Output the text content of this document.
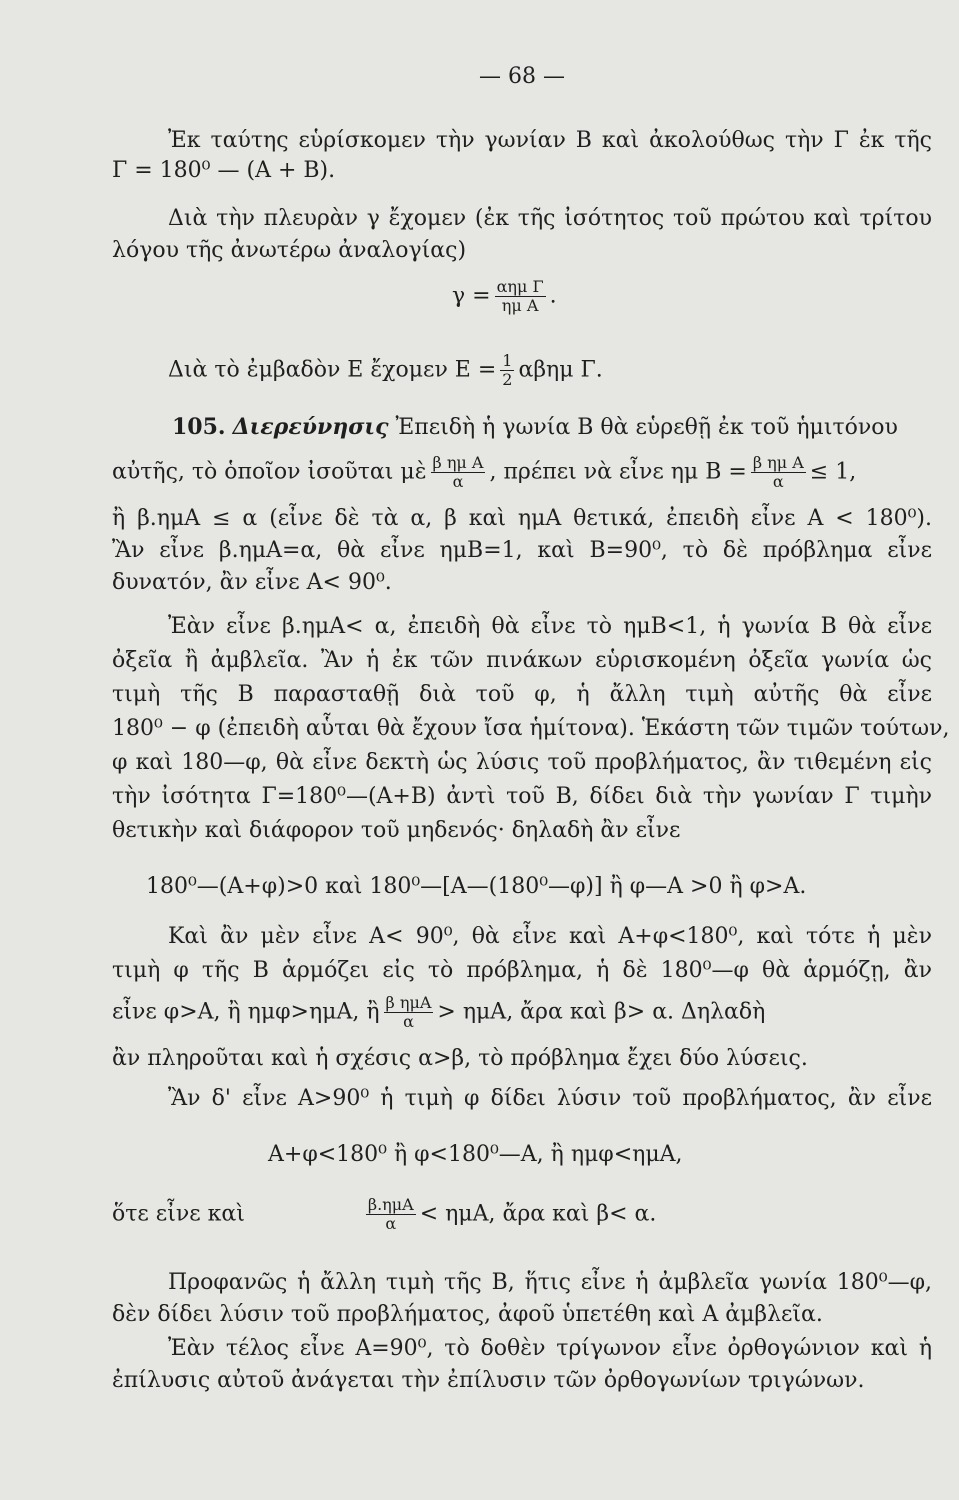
— 68 —
Ἐκ ταύτης εὑρίσκομεν τὴν γωνίαν Β καὶ ἀκολούθως τὴν Γ ἐκ τῆς
Γ = 180⁰ — (Α + Β).
Διὰ τὴν πλευρὰν γ ἔχομεν (ἐκ τῆς ἰσότητος τοῦ πρώτου καὶ τρίτου
λόγου τῆς ἀνωτέρω ἀναλογίας)
$\gamma = \frac{\text{αημ Γ}}{\text{ημ Α}}$ .
Διὰ τὸ ἐμβαδὸν Ε ἔχομεν $E = \frac{1}{2}$ αβημ Γ.
105. Διερεύνησις Ἐπειδὴ ἡ γωνία Β θὰ εὑρεθῇ ἐκ τοῦ ἡμιτόνου
αὐτῆς, τὸ ὁποῖον ἰσοῦται μὲ $\frac{\text{β ημ Α}}{\alpha}$ , πρέπει νὰ εἶνε ημ $B = \frac{\text{β ημ Α}}{\alpha} \le 1$,
ἢ β.ημΑ ≤ α (εἶνε δὲ τὰ α, β καὶ ημΑ θετικά, ἐπειδὴ εἶνε Α < 180⁰).
Ἂν εἶνε β.ημΑ=α, θὰ εἶνε ημΒ=1, καὶ Β=90⁰, τὸ δὲ πρόβλημα εἶνε
δυνατόν, ἂν εἶνε Α< 90⁰.
Ἐὰν εἶνε β.ημΑ< α, ἐπειδὴ θὰ εἶνε τὸ ημΒ<1, ἡ γωνία Β θὰ εἶνε
ὀξεῖα ἢ ἀμβλεῖα. Ἂν ἡ ἐκ τῶν πινάκων εὑρισκομένη ὀξεῖα γωνία ὡς
τιμὴ τῆς Β παρασταθῇ διὰ τοῦ φ, ἡ ἄλλη τιμὴ αὐτῆς θὰ εἶνε
180⁰ − φ (ἐπειδὴ αὗται θὰ ἔχουν ἴσα ἡμίτονα). Ἑκάστη τῶν τιμῶν τούτων,
φ καὶ 180—φ, θὰ εἶνε δεκτὴ ὡς λύσις τοῦ προβλήματος, ἂν τιθεμένη εἰς
τὴν ἰσότητα Γ=180⁰—(Α+Β) ἀντὶ τοῦ Β, δίδει διὰ τὴν γωνίαν Γ τιμὴν
θετικὴν καὶ διάφορον τοῦ μηδενός· δηλαδὴ ἂν εἶνε
180⁰—(Α+φ)>0 καὶ 180⁰—[Α—(180⁰—φ)] ἢ φ—Α >0 ἢ φ>Α.
Καὶ ἂν μὲν εἶνε Α< 90⁰, θὰ εἶνε καὶ Α+φ<180⁰, καὶ τότε ἡ μὲν
τιμὴ φ τῆς Β ἁρμόζει εἰς τὸ πρόβλημα, ἡ δὲ 180⁰—φ θὰ ἁρμόζῃ, ἂν
εἶνε φ>Α, ἢ ημφ>ημΑ, ἢ $\frac{\text{β ημΑ}}{\alpha} > \eta\mu A$, ἄρα καὶ β> α. Δηλαδὴ
ἂν πληροῦται καὶ ἡ σχέσις α>β, τὸ πρόβλημα ἔχει δύο λύσεις.
Ἂν δ' εἶνε Α>90⁰ ἡ τιμὴ φ δίδει λύσιν τοῦ προβλήματος, ἂν εἶνε
Α+φ<180⁰ ἢ φ<180⁰—Α, ἢ ημφ<ημΑ,
ὅτε εἶνε καὶ	$\frac{\text{β.ημΑ}}{\alpha} < \eta\mu A$, ἄρα καὶ β< α.
Προφανῶς ἡ ἄλλη τιμὴ τῆς Β, ἥτις εἶνε ἡ ἀμβλεῖα γωνία 180⁰—φ,
δὲν δίδει λύσιν τοῦ προβλήματος, ἀφοῦ ὑπετέθη καὶ Α ἀμβλεῖα.
Ἐὰν τέλος εἶνε Α=90⁰, τὸ δοθὲν τρίγωνον εἶνε ὀρθογώνιον καὶ ἡ
ἐπίλυσις αὐτοῦ ἀνάγεται τὴν ἐπίλυσιν τῶν ὀρθογωνίων τριγώνων.
